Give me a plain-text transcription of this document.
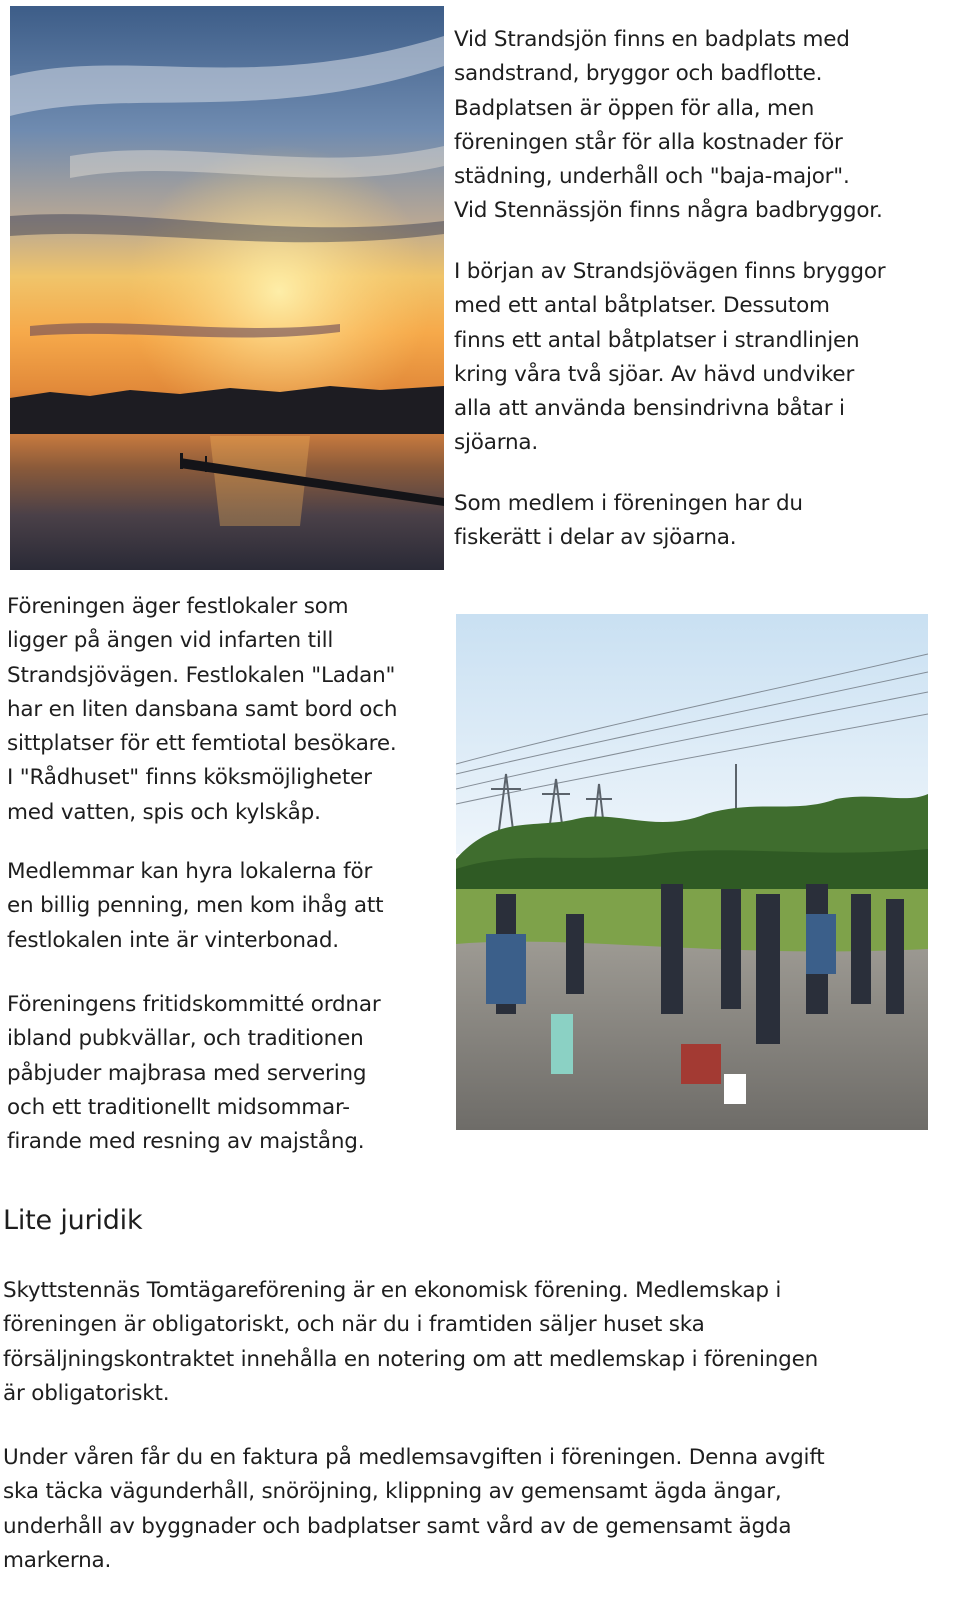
Vid Strandsjön finns en badplats med
sandstrand, bryggor och badflotte.
Badplatsen är öppen för alla, men
föreningen står för alla kostnader för
städning, underhåll och "baja-major".
Vid Stennässjön finns några badbryggor.

I början av Strandsjövägen finns bryggor
med ett antal båtplatser. Dessutom
finns ett antal båtplatser i strandlinjen
kring våra två sjöar. Av hävd undviker
alla att använda bensindrivna båtar i
sjöarna.

Som medlem i föreningen har du
fiskerätt i delar av sjöarna.

Föreningen äger festlokaler som
ligger på ängen vid infarten till
Strandsjövägen. Festlokalen "Ladan"
har en liten dansbana samt bord och
sittplatser för ett femtiotal besökare.
I "Rådhuset" finns köksmöjligheter
med vatten, spis och kylskåp.

Medlemmar kan hyra lokalerna för
en billig penning, men kom ihåg att
festlokalen inte är vinterbonad.

Föreningens fritidskommitté ordnar
ibland pubkvällar, och traditionen
påbjuder majbrasa med servering
och ett traditionellt midsommar-
firande med resning av majstång.

Lite juridik

Skyttstennäs Tomtägareförening är en ekonomisk förening. Medlemskap i
föreningen är obligatoriskt, och när du i framtiden säljer huset ska
försäljningskontraktet innehålla en notering om att medlemskap i föreningen
är obligatoriskt.

Under våren får du en faktura på medlemsavgiften i föreningen. Denna avgift
ska täcka vägunderhåll, snöröjning, klippning av gemensamt ägda ängar,
underhåll av byggnader och badplatser samt vård av de gemensamt ägda
markerna.
